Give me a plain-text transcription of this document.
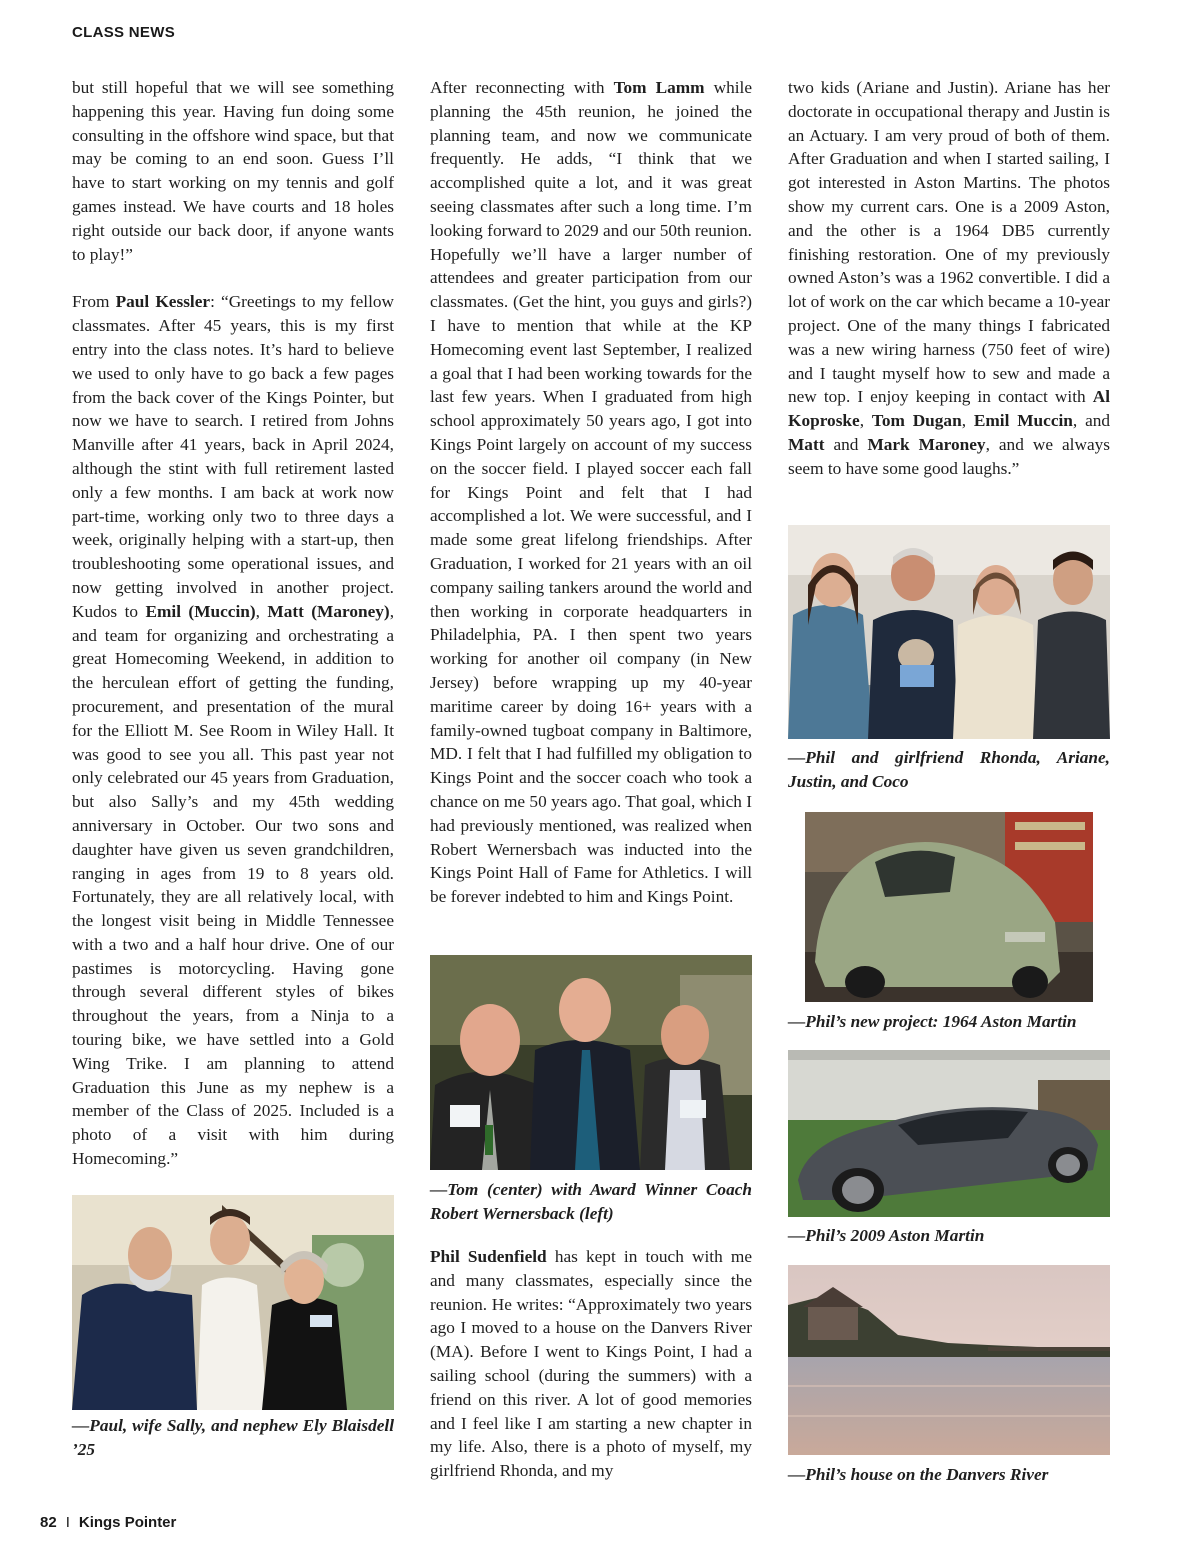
CLASS NEWS

but still hopeful that we will see something happening this year. Having fun doing some consulting in the offshore wind space, but that may be coming to an end soon. Guess I’ll have to start working on my tennis and golf games instead. We have courts and 18 holes right outside our back door, if anyone wants to play!”

From Paul Kessler: “Greetings to my fellow classmates. After 45 years, this is my first entry into the class notes. It’s hard to believe we used to only have to go back a few pages from the back cover of the Kings Pointer, but now we have to search. I retired from Johns Manville after 41 years, back in April 2024, although the stint with full retirement lasted only a few months. I am back at work now part-time, working only two to three days a week, originally helping with a start-up, then troubleshooting some operational issues, and now getting involved in another project. Kudos to Emil (Muccin), Matt (Maroney), and team for organizing and orchestrating a great Homecoming Weekend, in addition to the herculean effort of getting the funding, procurement, and presentation of the mural for the Elliott M. See Room in Wiley Hall. It was good to see you all. This past year not only celebrated our 45 years from Graduation, but also Sally’s and my 45th wedding anniversary in October. Our two sons and daughter have given us seven grandchildren, ranging in ages from 19 to 8 years old. Fortunately, they are all relatively local, with the longest visit being in Middle Tennessee with a two and a half hour drive. One of our pastimes is motorcycling. Having gone through several different styles of bikes throughout the years, from a Ninja to a touring bike, we have settled into a Gold Wing Trike. I am planning to attend Graduation this June as my nephew is a member of the Class of 2025. Included is a photo of a visit with him during Homecoming.”

After reconnecting with Tom Lamm while planning the 45th reunion, he joined the planning team, and now we communicate frequently. He adds, “I think that we accomplished quite a lot, and it was great seeing classmates after such a long time. I’m looking forward to 2029 and our 50th reunion. Hopefully we’ll have a larger number of attendees and greater participation from our classmates. (Get the hint, you guys and girls?) I have to mention that while at the KP Homecoming event last September, I realized a goal that I had been working towards for the last few years. When I graduated from high school approximately 50 years ago, I got into Kings Point largely on account of my success on the soccer field. I played soccer each fall for Kings Point and felt that I had accomplished a lot. We were successful, and I made some great lifelong friendships. After Graduation, I worked for 21 years with an oil company sailing tankers around the world and then working in corporate headquarters in Philadelphia, PA. I then spent two years working for another oil company (in New Jersey) before wrapping up my 40-year maritime career by doing 16+ years with a family-owned tugboat company in Baltimore, MD. I felt that I had fulfilled my obligation to Kings Point and the soccer coach who took a chance on me 50 years ago. That goal, which I had previously mentioned, was realized when Robert Wernersbach was inducted into the Kings Point Hall of Fame for Athletics. I will be forever indebted to him and Kings Point.

Phil Sudenfield has kept in touch with me and many classmates, especially since the reunion. He writes: “Approximately two years ago I moved to a house on the Danvers River (MA). Before I went to Kings Point, I had a sailing school (during the summers) with a friend on this river. A lot of good memories and I feel like I am starting a new chapter in my life. Also, there is a photo of myself, my girlfriend Rhonda, and my

two kids (Ariane and Justin). Ariane has her doctorate in occupational therapy and Justin is an Actuary. I am very proud of both of them. After Graduation and when I started sailing, I got interested in Aston Martins. The photos show my current cars. One is a 2009 Aston, and the other is a 1964 DB5 currently finishing restoration. One of my previously owned Aston’s was a 1962 convertible. I did a lot of work on the car which became a 10-year project. One of the many things I fabricated was a new wiring harness (750 feet of wire) and I taught myself how to sew and made a new top. I enjoy keeping in contact with Al Koproske, Tom Dugan, Emil Muccin, and Matt and Mark Maroney, and we always seem to have some good laughs.”

—Paul, wife Sally, and nephew Ely Blaisdell ’25
—Tom (center) with Award Winner Coach Robert Wernersback (left)
—Phil and girlfriend Rhonda, Ariane, Justin, and Coco
—Phil’s new project: 1964 Aston Martin
—Phil’s 2009 Aston Martin
—Phil’s house on the Danvers River
82 I Kings Pointer
